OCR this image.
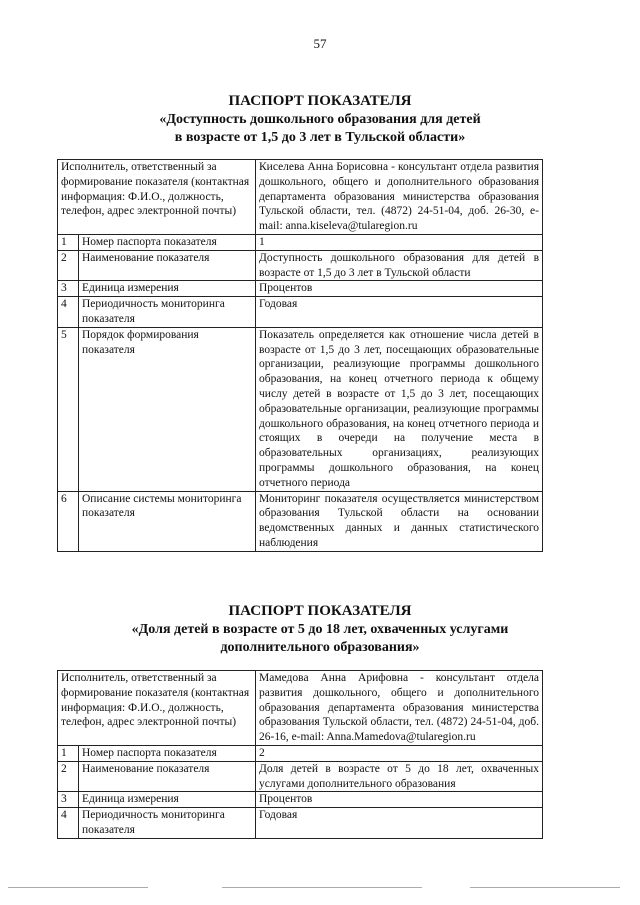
57
ПАСПОРТ ПОКАЗАТЕЛЯ
«Доступность дошкольного образования для детей
в возрасте от 1,5 до 3 лет в Тульской области»
Исполнитель, ответственный за формирование показателя (контактная информация: Ф.И.О., должность, телефон, адрес электронной почты)		Киселева Анна Борисовна - консультант отдела развития дошкольного, общего и дополнительного образования департамента образования министерства образования Тульской области, тел. (4872) 24-51-04, доб. 26-30, e-mail: anna.kiseleva@tularegion.ru
1	Номер паспорта показателя	1
2	Наименование показателя	Доступность дошкольного образования для детей в возрасте от 1,5 до 3 лет в Тульской области
3	Единица измерения	Процентов
4	Периодичность мониторинга показателя	Годовая
5	Порядок формирования показателя	Показатель определяется как отношение числа детей в возрасте от 1,5 до 3 лет, посещающих образовательные организации, реализующие программы дошкольного образования, на конец отчетного периода к общему числу детей в возрасте от 1,5 до 3 лет, посещающих образовательные организации, реализующие программы дошкольного образования, на конец отчетного периода и стоящих в очереди на получение места в образовательных организациях, реализующих программы дошкольного образования, на конец отчетного периода
6	Описание системы мониторинга показателя	Мониторинг показателя осуществляется министерством образования Тульской области на основании ведомственных данных и данных статистического наблюдения
ПАСПОРТ ПОКАЗАТЕЛЯ
«Доля детей в возрасте от 5 до 18 лет, охваченных услугами
дополнительного образования»
Исполнитель, ответственный за формирование показателя (контактная информация: Ф.И.О., должность, телефон, адрес электронной почты)		Мамедова Анна Арифовна - консультант отдела развития дошкольного, общего и дополнительного образования департамента образования министерства образования Тульской области, тел. (4872) 24-51-04, доб. 26-16, e-mail: Anna.Mamedova@tularegion.ru
1	Номер паспорта показателя	2
2	Наименование показателя	Доля детей в возрасте от 5 до 18 лет, охваченных услугами дополнительного образования
3	Единица измерения	Процентов
4	Периодичность мониторинга показателя	Годовая
